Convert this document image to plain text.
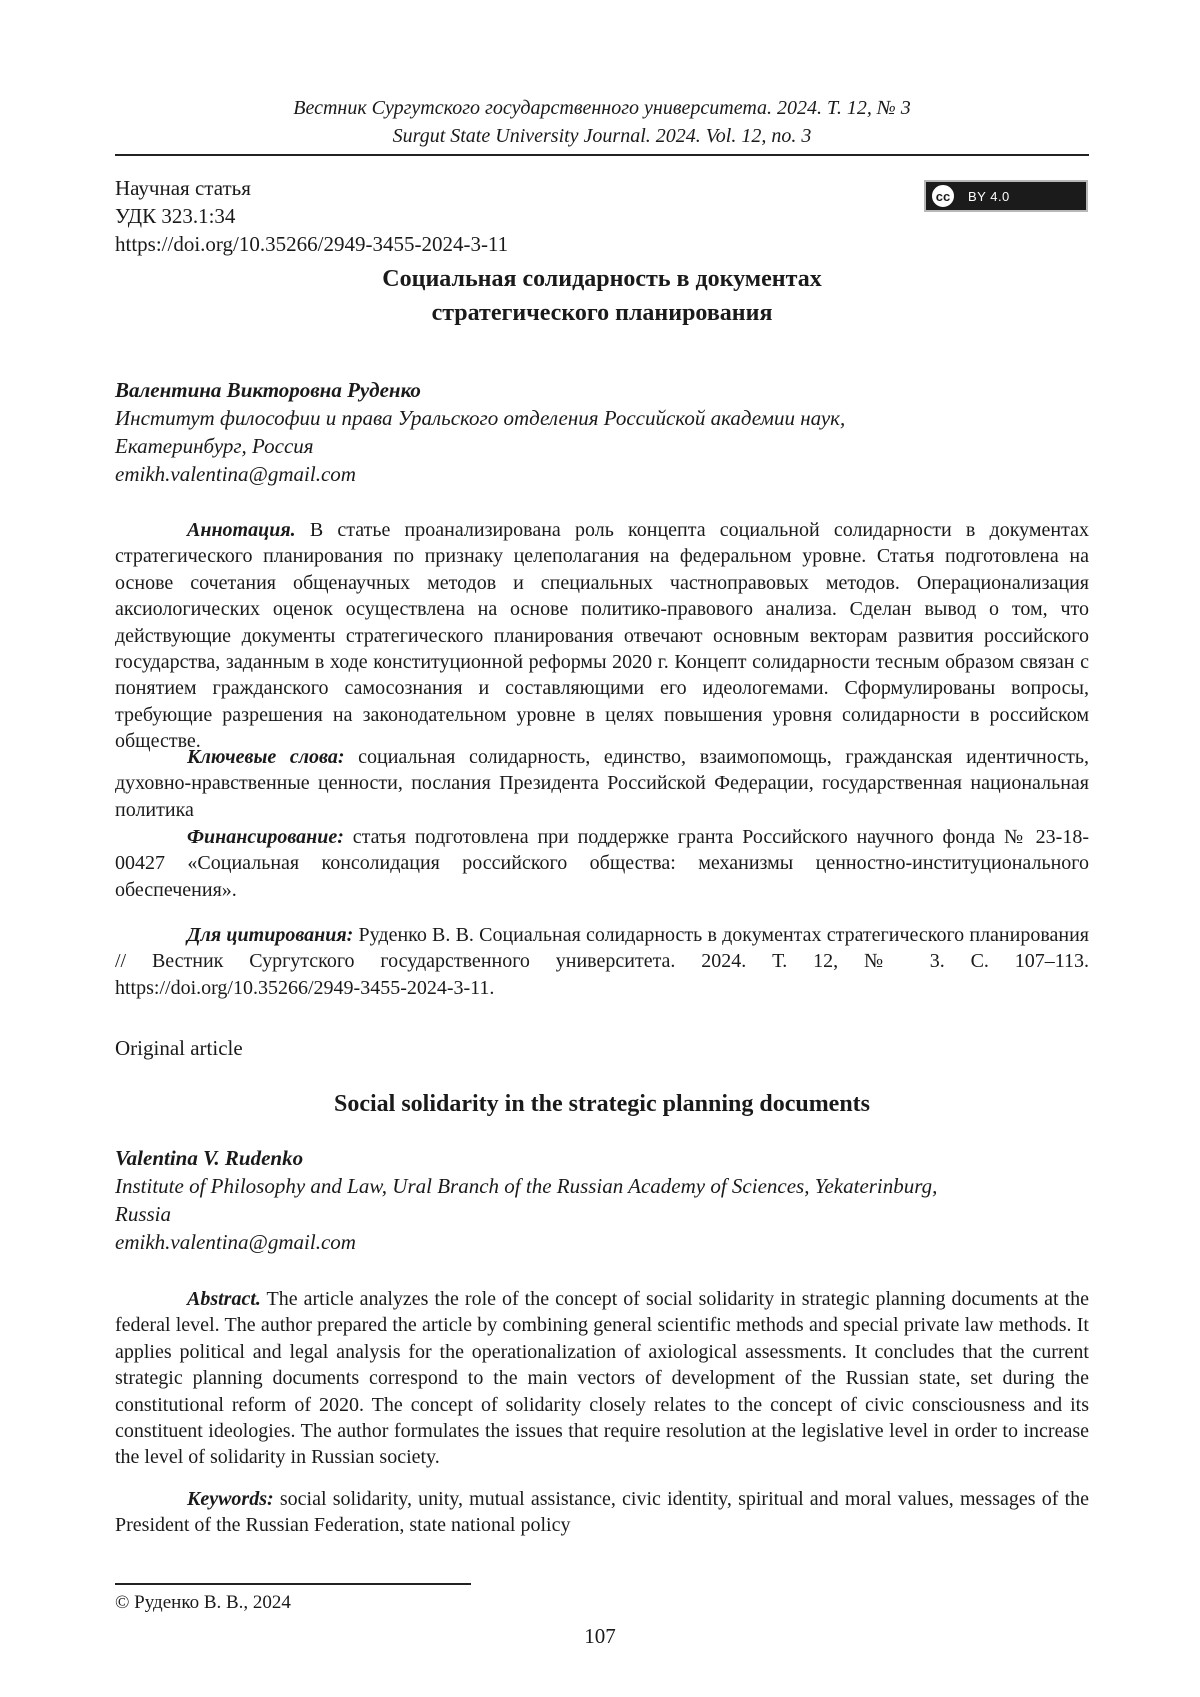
Вестник Сургутского государственного университета. 2024. Т. 12, № 3
Surgut State University Journal. 2024. Vol. 12, no. 3
Научная статья
УДК 323.1:34
https://doi.org/10.35266/2949-3455-2024-3-11
cc	BY 4.0
Социальная солидарность в документах
стратегического планирования
Валентина Викторовна Руденко
Институт философии и права Уральского отделения Российской академии наук,
Екатеринбург, Россия
emikh.valentina@gmail.com
Аннотация. В статье проанализирована роль концепта социальной солидарности в документах стратегического планирования по признаку целеполагания на федеральном уровне. Статья подготовлена на основе сочетания общенаучных методов и специальных частноправовых методов. Операционализация аксиологических оценок осуществлена на основе политико-правового анализа. Сделан вывод о том, что действующие документы стратегического планирования отвечают основным векторам развития российского государства, заданным в ходе конституционной реформы 2020 г. Концепт солидарности тесным образом связан с понятием гражданского самосознания и составляющими его идеологемами. Сформулированы вопросы, требующие разрешения на законодательном уровне в целях повышения уровня солидарности в российском обществе.
Ключевые слова: социальная солидарность, единство, взаимопомощь, гражданская идентичность, духовно-нравственные ценности, послания Президента Российской Федерации, государственная национальная политика
Финансирование: статья подготовлена при поддержке гранта Российского научного фонда № 23-18-00427 «Социальная консолидация российского общества: механизмы ценностно-институционального обеспечения».
Для цитирования: Руденко В. В. Социальная солидарность в документах стратегического планирования // Вестник Сургутского государственного университета. 2024. Т. 12, № 3. С. 107–113. https://doi.org/10.35266/2949-3455-2024-3-11.
Original article
Social solidarity in the strategic planning documents
Valentina V. Rudenko
Institute of Philosophy and Law, Ural Branch of the Russian Academy of Sciences, Yekaterinburg,
Russia
emikh.valentina@gmail.com
Abstract. The article analyzes the role of the concept of social solidarity in strategic planning documents at the federal level. The author prepared the article by combining general scientific methods and special private law methods. It applies political and legal analysis for the operationalization of axiological assessments. It concludes that the current strategic planning documents correspond to the main vectors of development of the Russian state, set during the constitutional reform of 2020. The concept of solidarity closely relates to the concept of civic consciousness and its constituent ideologies. The author formulates the issues that require resolution at the legislative level in order to increase the level of solidarity in Russian society.
Keywords: social solidarity, unity, mutual assistance, civic identity, spiritual and moral values, messages of the President of the Russian Federation, state national policy
© Руденко В. В., 2024
107
